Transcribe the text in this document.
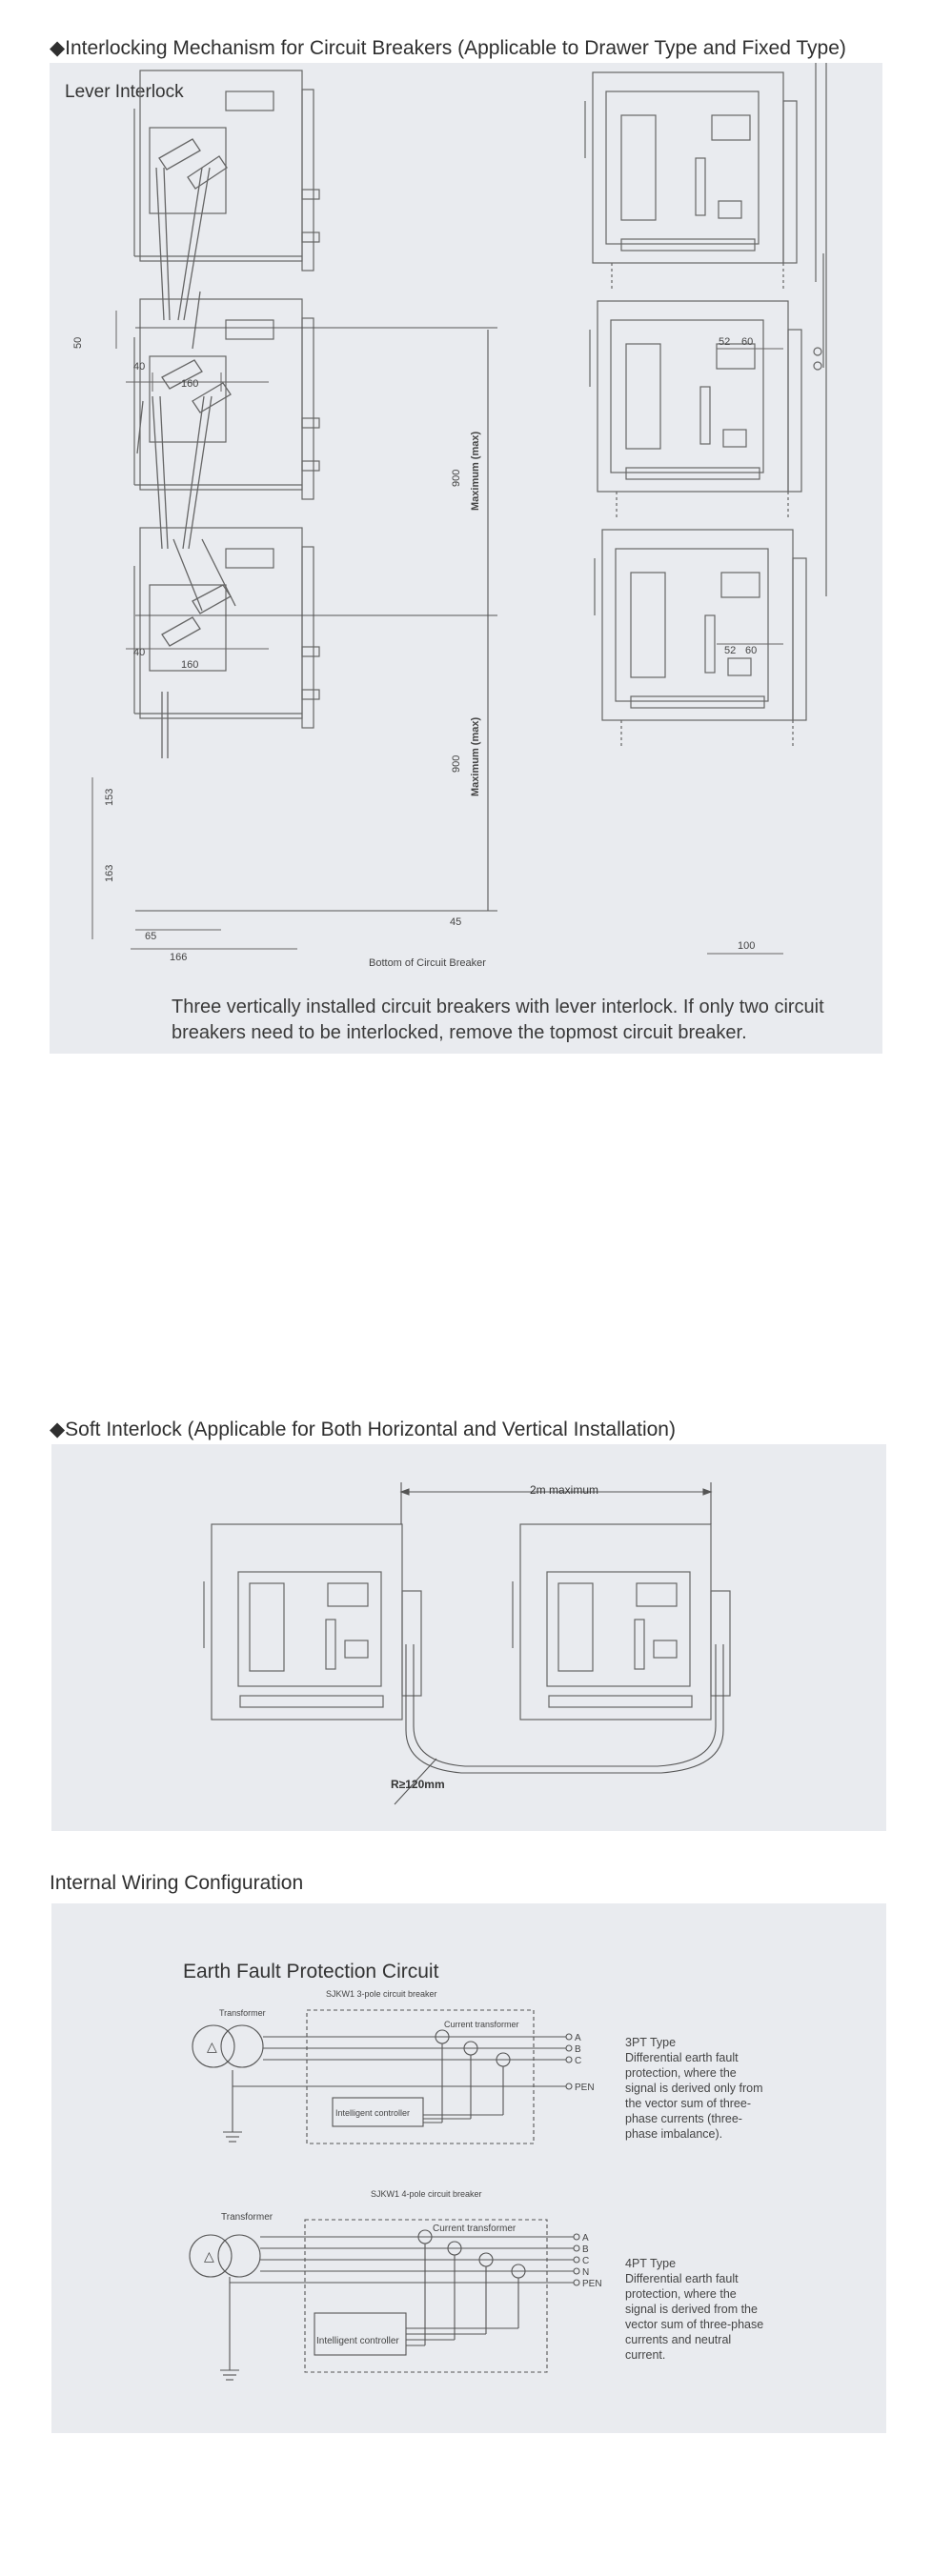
◆Interlocking Mechanism for Circuit Breakers (Applicable to Drawer Type and Fixed Type)
Lever Interlock
900 Maximum (max)
900 Maximum (max)
50
40
160
52 60
40
160
52 60
153
163
65
166
45
100
Bottom of Circuit Breaker
Three vertically installed circuit breakers with lever interlock. If only two circuit breakers need to be interlocked, remove the topmost circuit breaker.
◆Soft Interlock (Applicable for Both Horizontal and Vertical Installation)
2m maximum
R≥120mm
Internal Wiring Configuration
Earth Fault Protection Circuit
SJKW1 3-pole circuit breaker
Transformer
△
Current transformer
Intelligent controller
A
B
C
PEN
SJKW1 4-pole circuit breaker
Transformer
△
Current transformer
Intelligent controller
A
B
C
N
PEN
3PT Type
Differential earth fault
protection, where the
signal is derived only from
the vector sum of three-
phase currents (three-
phase imbalance).
4PT Type
Differential earth fault
protection, where the
signal is derived from the
vector sum of three-phase
currents and neutral
current.
